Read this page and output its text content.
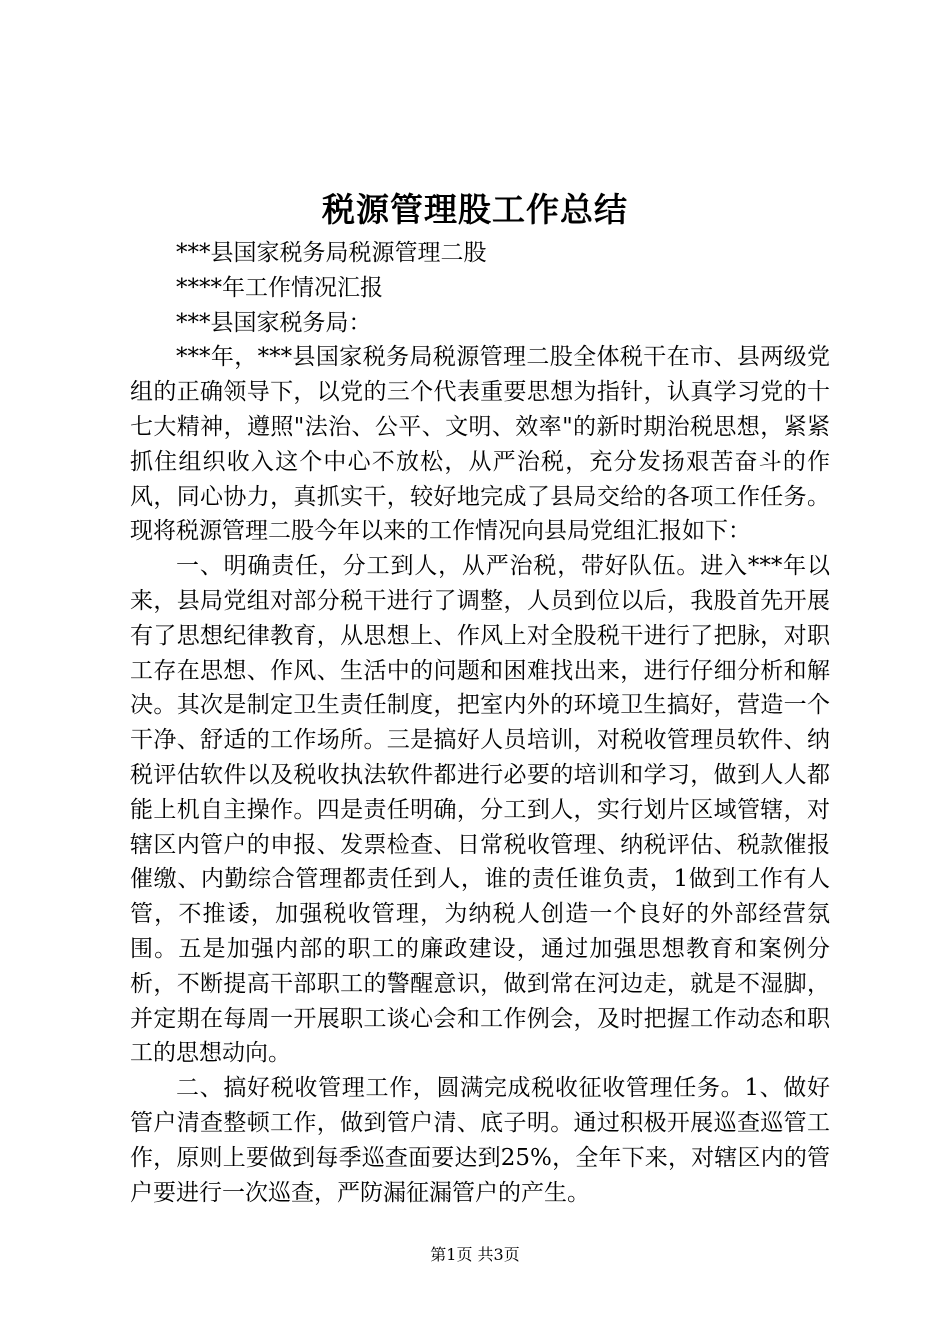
税源管理股工作总结

***县国家税务局税源管理二股

****年工作情况汇报

***县国家税务局：

***年，***县国家税务局税源管理二股全体税干在市、县两级党组的正确领导下，以党的三个代表重要思想为指针，认真学习党的十七大精神，遵照"法治、公平、文明、效率"的新时期治税思想，紧紧抓住组织收入这个中心不放松，从严治税，充分发扬艰苦奋斗的作风，同心协力，真抓实干，较好地完成了县局交给的各项工作任务。现将税源管理二股今年以来的工作情况向县局党组汇报如下：

一、明确责任，分工到人，从严治税，带好队伍。进入***年以来，县局党组对部分税干进行了调整，人员到位以后，我股首先开展有了思想纪律教育，从思想上、作风上对全股税干进行了把脉，对职工存在思想、作风、生活中的问题和困难找出来，进行仔细分析和解决。其次是制定卫生责任制度，把室内外的环境卫生搞好，营造一个干净、舒适的工作场所。三是搞好人员培训，对税收管理员软件、纳税评估软件以及税收执法软件都进行必要的培训和学习，做到人人都能上机自主操作。四是责任明确，分工到人，实行划片区域管辖，对辖区内管户的申报、发票检查、日常税收管理、纳税评估、税款催报催缴、内勤综合管理都责任到人，谁的责任谁负责，1做到工作有人管，不推诿，加强税收管理，为纳税人创造一个良好的外部经营氛围。五是加强内部的职工的廉政建设，通过加强思想教育和案例分析，不断提高干部职工的警醒意识，做到常在河边走，就是不湿脚，并定期在每周一开展职工谈心会和工作例会，及时把握工作动态和职工的思想动向。

二、搞好税收管理工作，圆满完成税收征收管理任务。1、做好管户清查整顿工作，做到管户清、底子明。通过积极开展巡查巡管工作，原则上要做到每季巡查面要达到25%，全年下来，对辖区内的管户要进行一次巡查，严防漏征漏管户的产生。

第1页 共3页
